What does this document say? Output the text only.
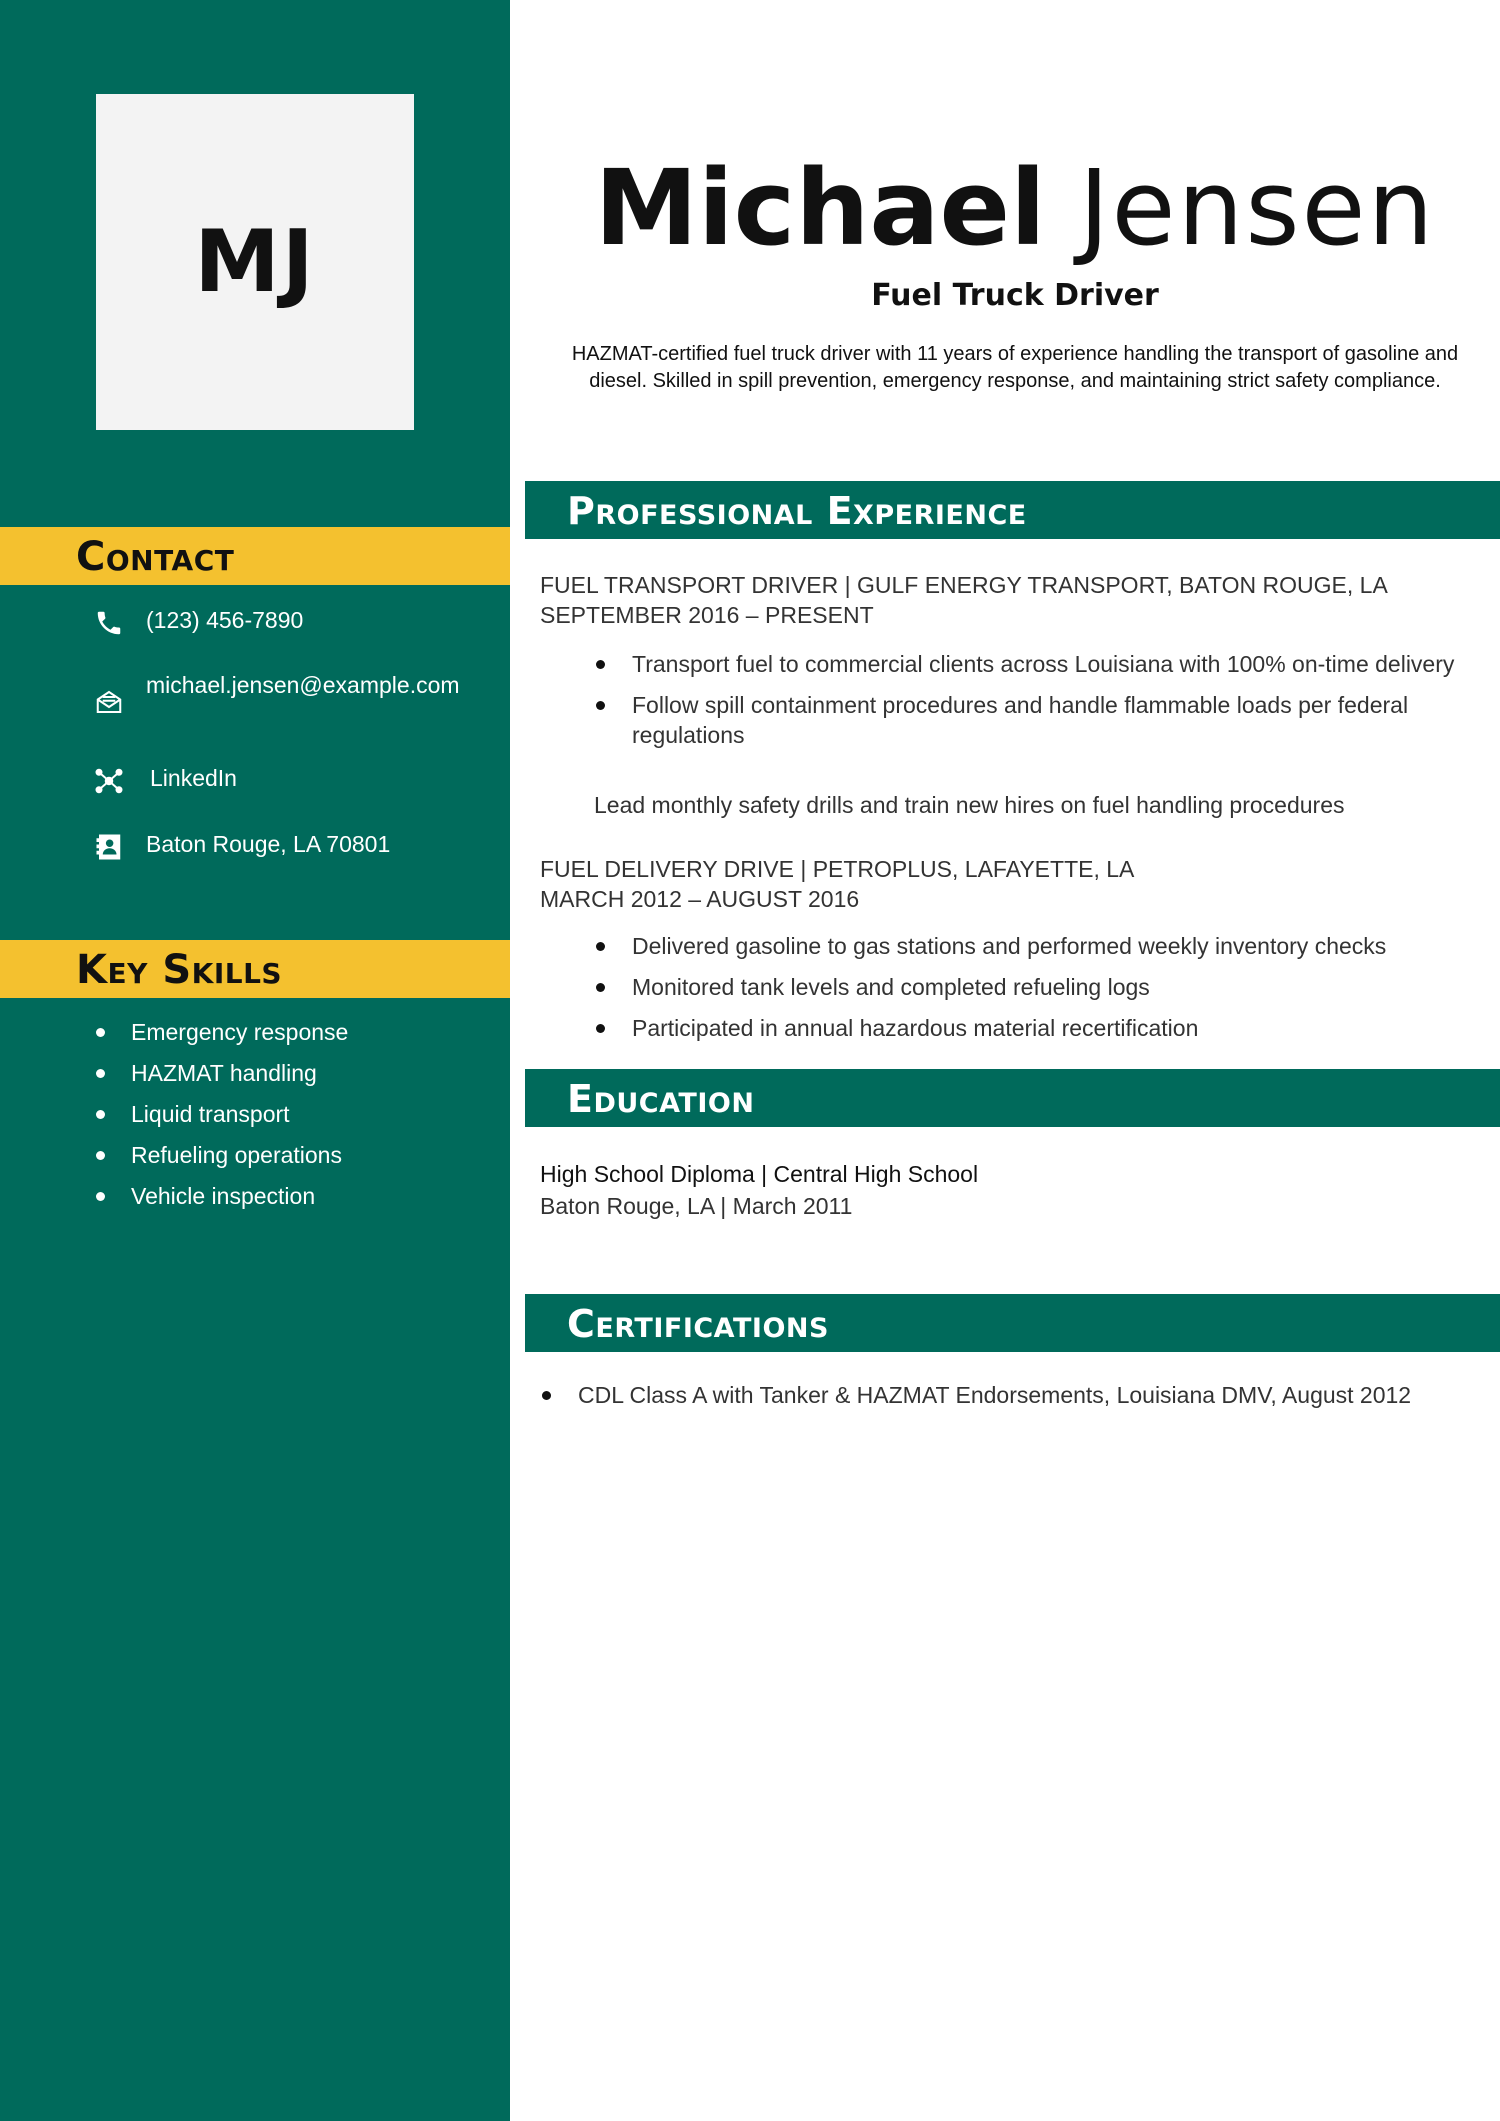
MJ
Contact
(123) 456-7890
michael.jensen@example.com
LinkedIn
Baton Rouge, LA 70801
Key Skills
Emergency response
HAZMAT handling
Liquid transport
Refueling operations
Vehicle inspection
Michael Jensen
Fuel Truck Driver
HAZMAT-certified fuel truck driver with 11 years of experience handling the transport of gasoline and diesel. Skilled in spill prevention, emergency response, and maintaining strict safety compliance.
Professional Experience
FUEL TRANSPORT DRIVER | GULF ENERGY TRANSPORT, BATON ROUGE, LA
SEPTEMBER 2016 – PRESENT
Transport fuel to commercial clients across Louisiana with 100% on-time delivery
Follow spill containment procedures and handle flammable loads per federal regulations
Lead monthly safety drills and train new hires on fuel handling procedures
FUEL DELIVERY DRIVE | PETROPLUS, LAFAYETTE, LA
MARCH 2012 – AUGUST 2016
Delivered gasoline to gas stations and performed weekly inventory checks
Monitored tank levels and completed refueling logs
Participated in annual hazardous material recertification
Education
High School Diploma | Central High School
Baton Rouge, LA | March 2011
Certifications
CDL Class A with Tanker & HAZMAT Endorsements, Louisiana DMV, August 2012
